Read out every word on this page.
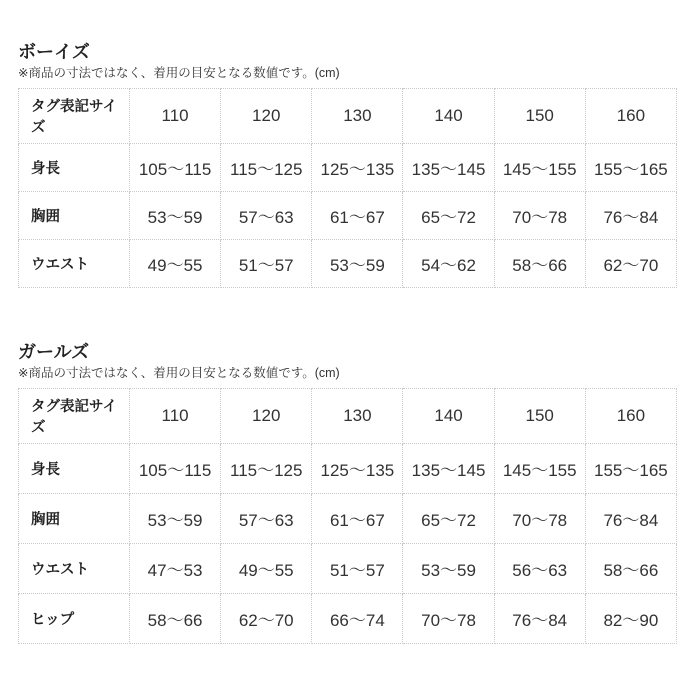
ボーイズ

※商品の寸法ではなく、着用の目安となる数値です。(cm)

タグ表記サイズ	110	120	130	140	150	160
身長	105〜115	115〜125	125〜135	135〜145	145〜155	155〜165
胸囲	53〜59	57〜63	61〜67	65〜72	70〜78	76〜84
ウエスト	49〜55	51〜57	53〜59	54〜62	58〜66	62〜70
ガールズ

※商品の寸法ではなく、着用の目安となる数値です。(cm)

タグ表記サイズ	110	120	130	140	150	160
身長	105〜115	115〜125	125〜135	135〜145	145〜155	155〜165
胸囲	53〜59	57〜63	61〜67	65〜72	70〜78	76〜84
ウエスト	47〜53	49〜55	51〜57	53〜59	56〜63	58〜66
ヒップ	58〜66	62〜70	66〜74	70〜78	76〜84	82〜90
